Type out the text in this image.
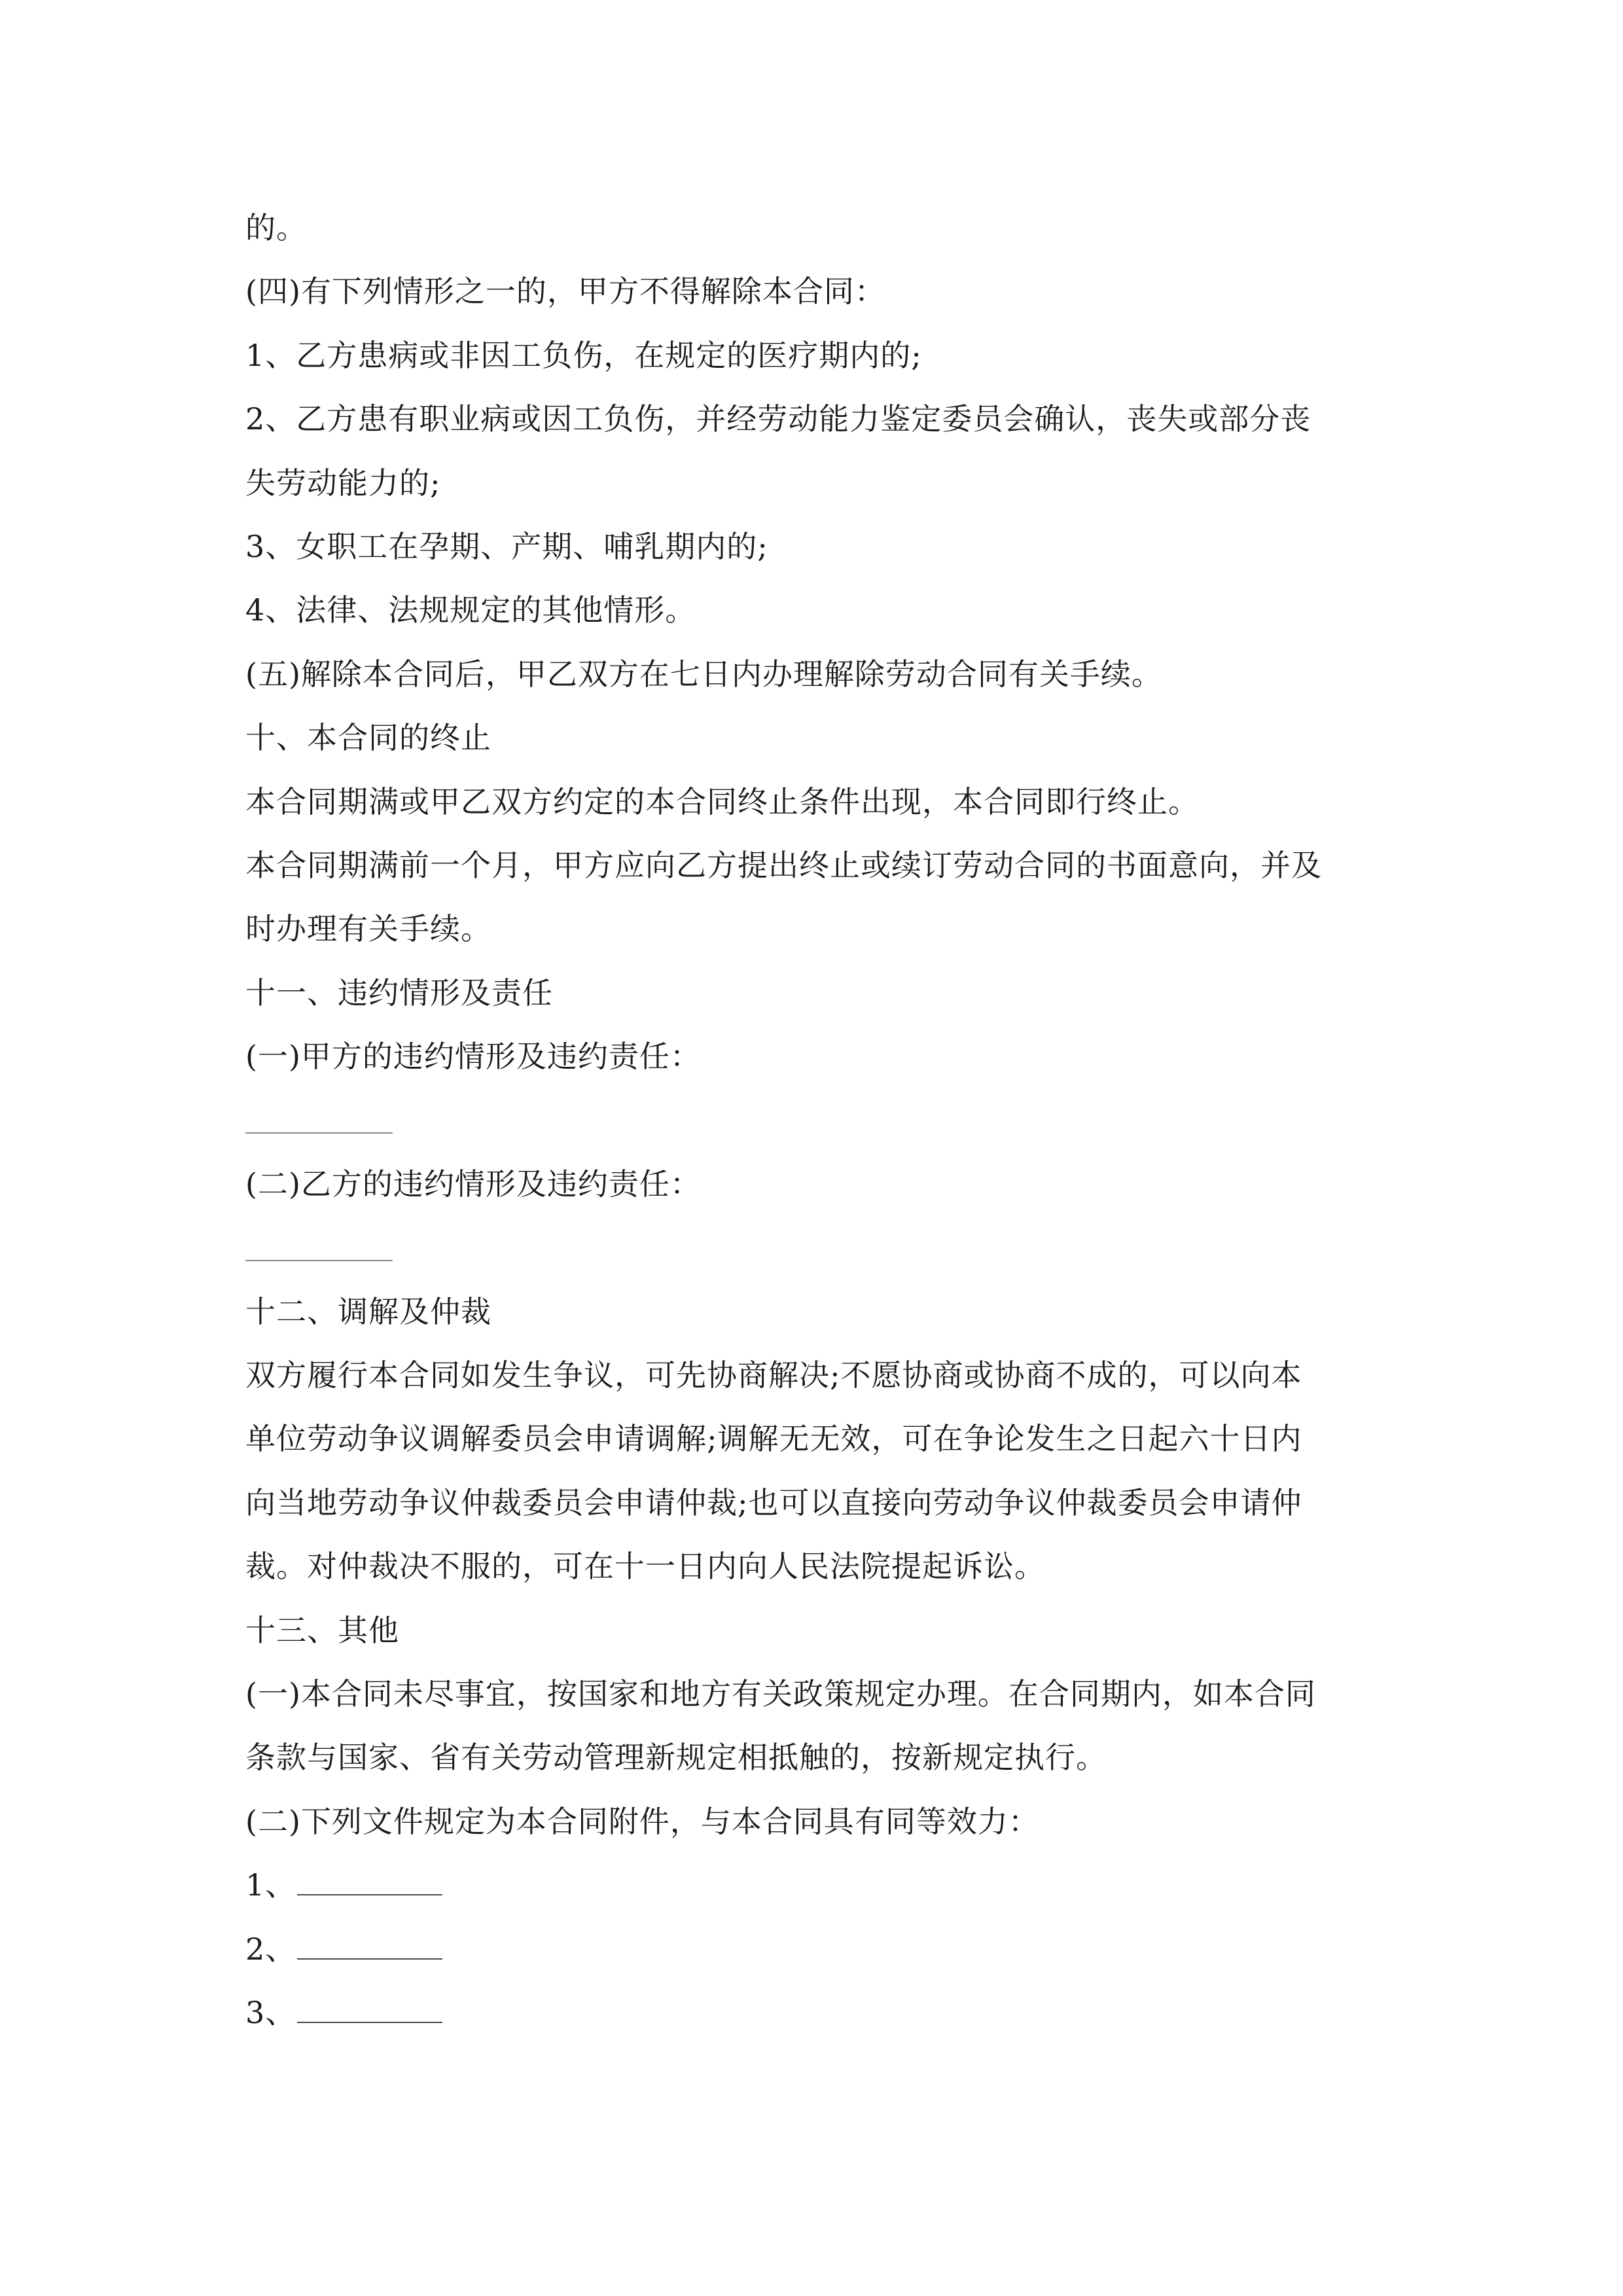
的。
(四)有下列情形之一的，甲方不得解除本合同：
1、乙方患病或非因工负伤，在规定的医疗期内的;
2、乙方患有职业病或因工负伤，并经劳动能力鉴定委员会确认，丧失或部分丧
失劳动能力的;
3、女职工在孕期、产期、哺乳期内的;
4、法律、法规规定的其他情形。
(五)解除本合同后，甲乙双方在七日内办理解除劳动合同有关手续。
十、本合同的终止
本合同期满或甲乙双方约定的本合同终止条件出现，本合同即行终止。
本合同期满前一个月，甲方应向乙方提出终止或续订劳动合同的书面意向，并及
时办理有关手续。
十一、违约情形及责任
(一)甲方的违约情形及违约责任：
(二)乙方的违约情形及违约责任：
十二、调解及仲裁
双方履行本合同如发生争议，可先协商解决;不愿协商或协商不成的，可以向本
单位劳动争议调解委员会申请调解;调解无无效，可在争论发生之日起六十日内
向当地劳动争议仲裁委员会申请仲裁;也可以直接向劳动争议仲裁委员会申请仲
裁。对仲裁决不服的，可在十一日内向人民法院提起诉讼。
十三、其他
(一)本合同未尽事宜，按国家和地方有关政策规定办理。在合同期内，如本合同
条款与国家、省有关劳动管理新规定相抵触的，按新规定执行。
(二)下列文件规定为本合同附件，与本合同具有同等效力：
1、
2、
3、
